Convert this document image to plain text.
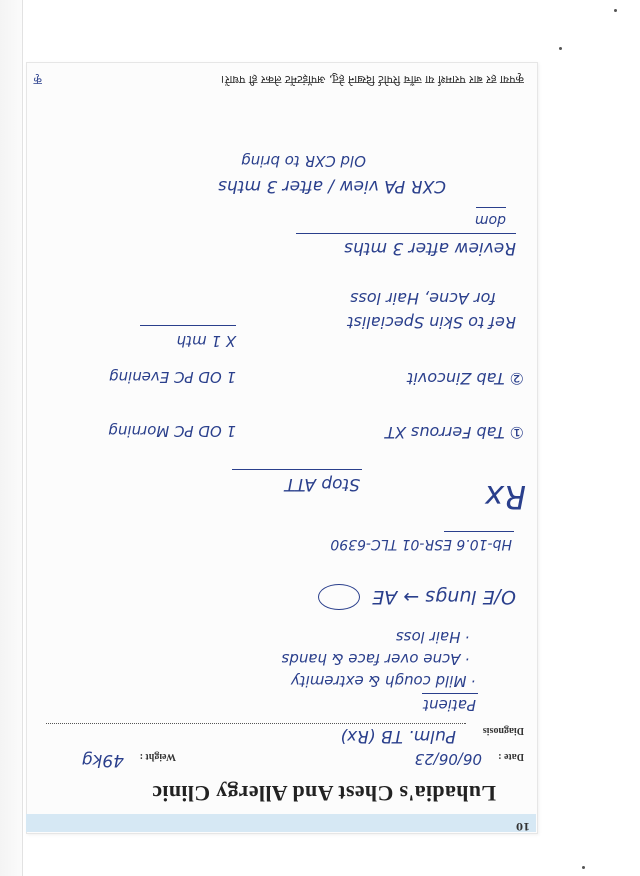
10
Luhadia's Chest And Allergy Clinic
Date :
06/06/23
Weight :
49kg
Diagnosis
Pulm. TB (Rx)
Patient
· Mild cough & extremity
· Acne over face & hands
· Hair loss
O/E lungs → AE
Hb-10.6 ESR-01 TLC-6390
Rx
Stop ATT
① Tab Ferrous XT
1 OD PC Morning
② Tab Zincovit
1 OD PC Evening
X 1 mth
Ref to Skin Specialist
for Acne, Hair loss
Review after 3 mths
dom
CXR PA view / after 3 mths
Old CXR to bring
कृपया हर बार परामर्श या जाँच रिपोर्ट दिखाने हेतु, अपॉइंटमेंट लेकर ही पधारें।
कृ
